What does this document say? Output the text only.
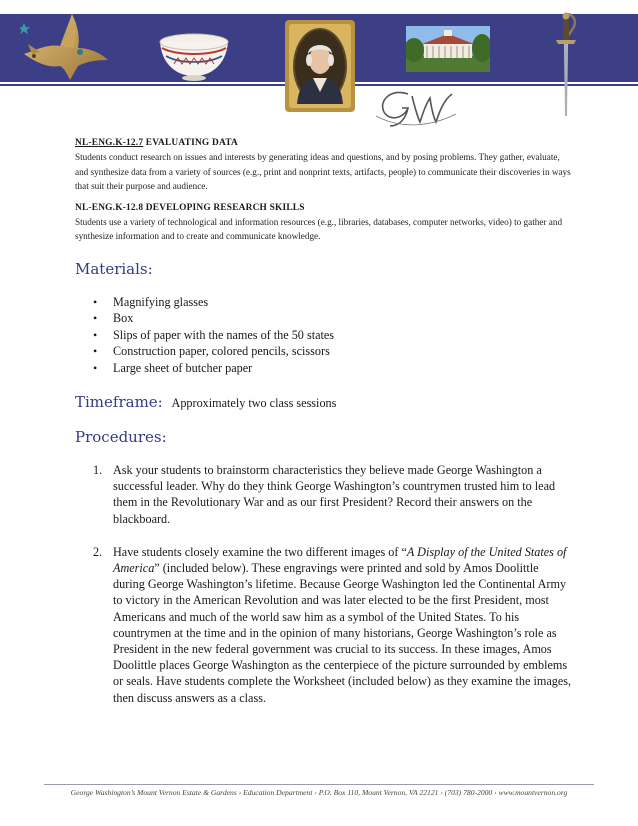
NL-ENG.K-12.7 EVALUATING DATA
Students conduct research on issues and interests by generating ideas and questions, and by posing problems. They gather, evaluate, and synthesize data from a variety of sources (e.g., print and nonprint texts, artifacts, people) to communicate their discoveries in ways that suit their purpose and audience.
NL-ENG.K-12.8 DEVELOPING RESEARCH SKILLS
Students use a variety of technological and information resources (e.g., libraries, databases, computer networks, video) to gather and synthesize information and to create and communicate knowledge.
Materials:
• Magnifying glasses
• Box
• Slips of paper with the names of the 50 states
• Construction paper, colored pencils, scissors
• Large sheet of butcher paper
Timeframe: Approximately two class sessions
Procedures:
1. Ask your students to brainstorm characteristics they believe made George Washington a successful leader. Why do they think George Washington’s countrymen trusted him to lead them in the Revolutionary War and as our first President? Record their answers on the blackboard.
2. Have students closely examine the two different images of “A Display of the United States of America” (included below). These engravings were printed and sold by Amos Doolittle during George Washington’s lifetime. Because George Washington led the Continental Army to victory in the American Revolution and was later elected to be the first President, most Americans and much of the world saw him as a symbol of the United States. To his countrymen at the time and in the opinion of many historians, George Washington’s role as President in the new federal government was crucial to its success. In these images, Amos Doolittle places George Washington as the centerpiece of the picture surrounded by emblems or seals. Have students complete the Worksheet (included below) as they examine the images, then discuss answers as a class.
George Washington’s Mount Vernon Estate & Gardens › Education Department › P.O. Box 110, Mount Vernon, VA 22121 › (703) 780-2000 › www.mountvernon.org
